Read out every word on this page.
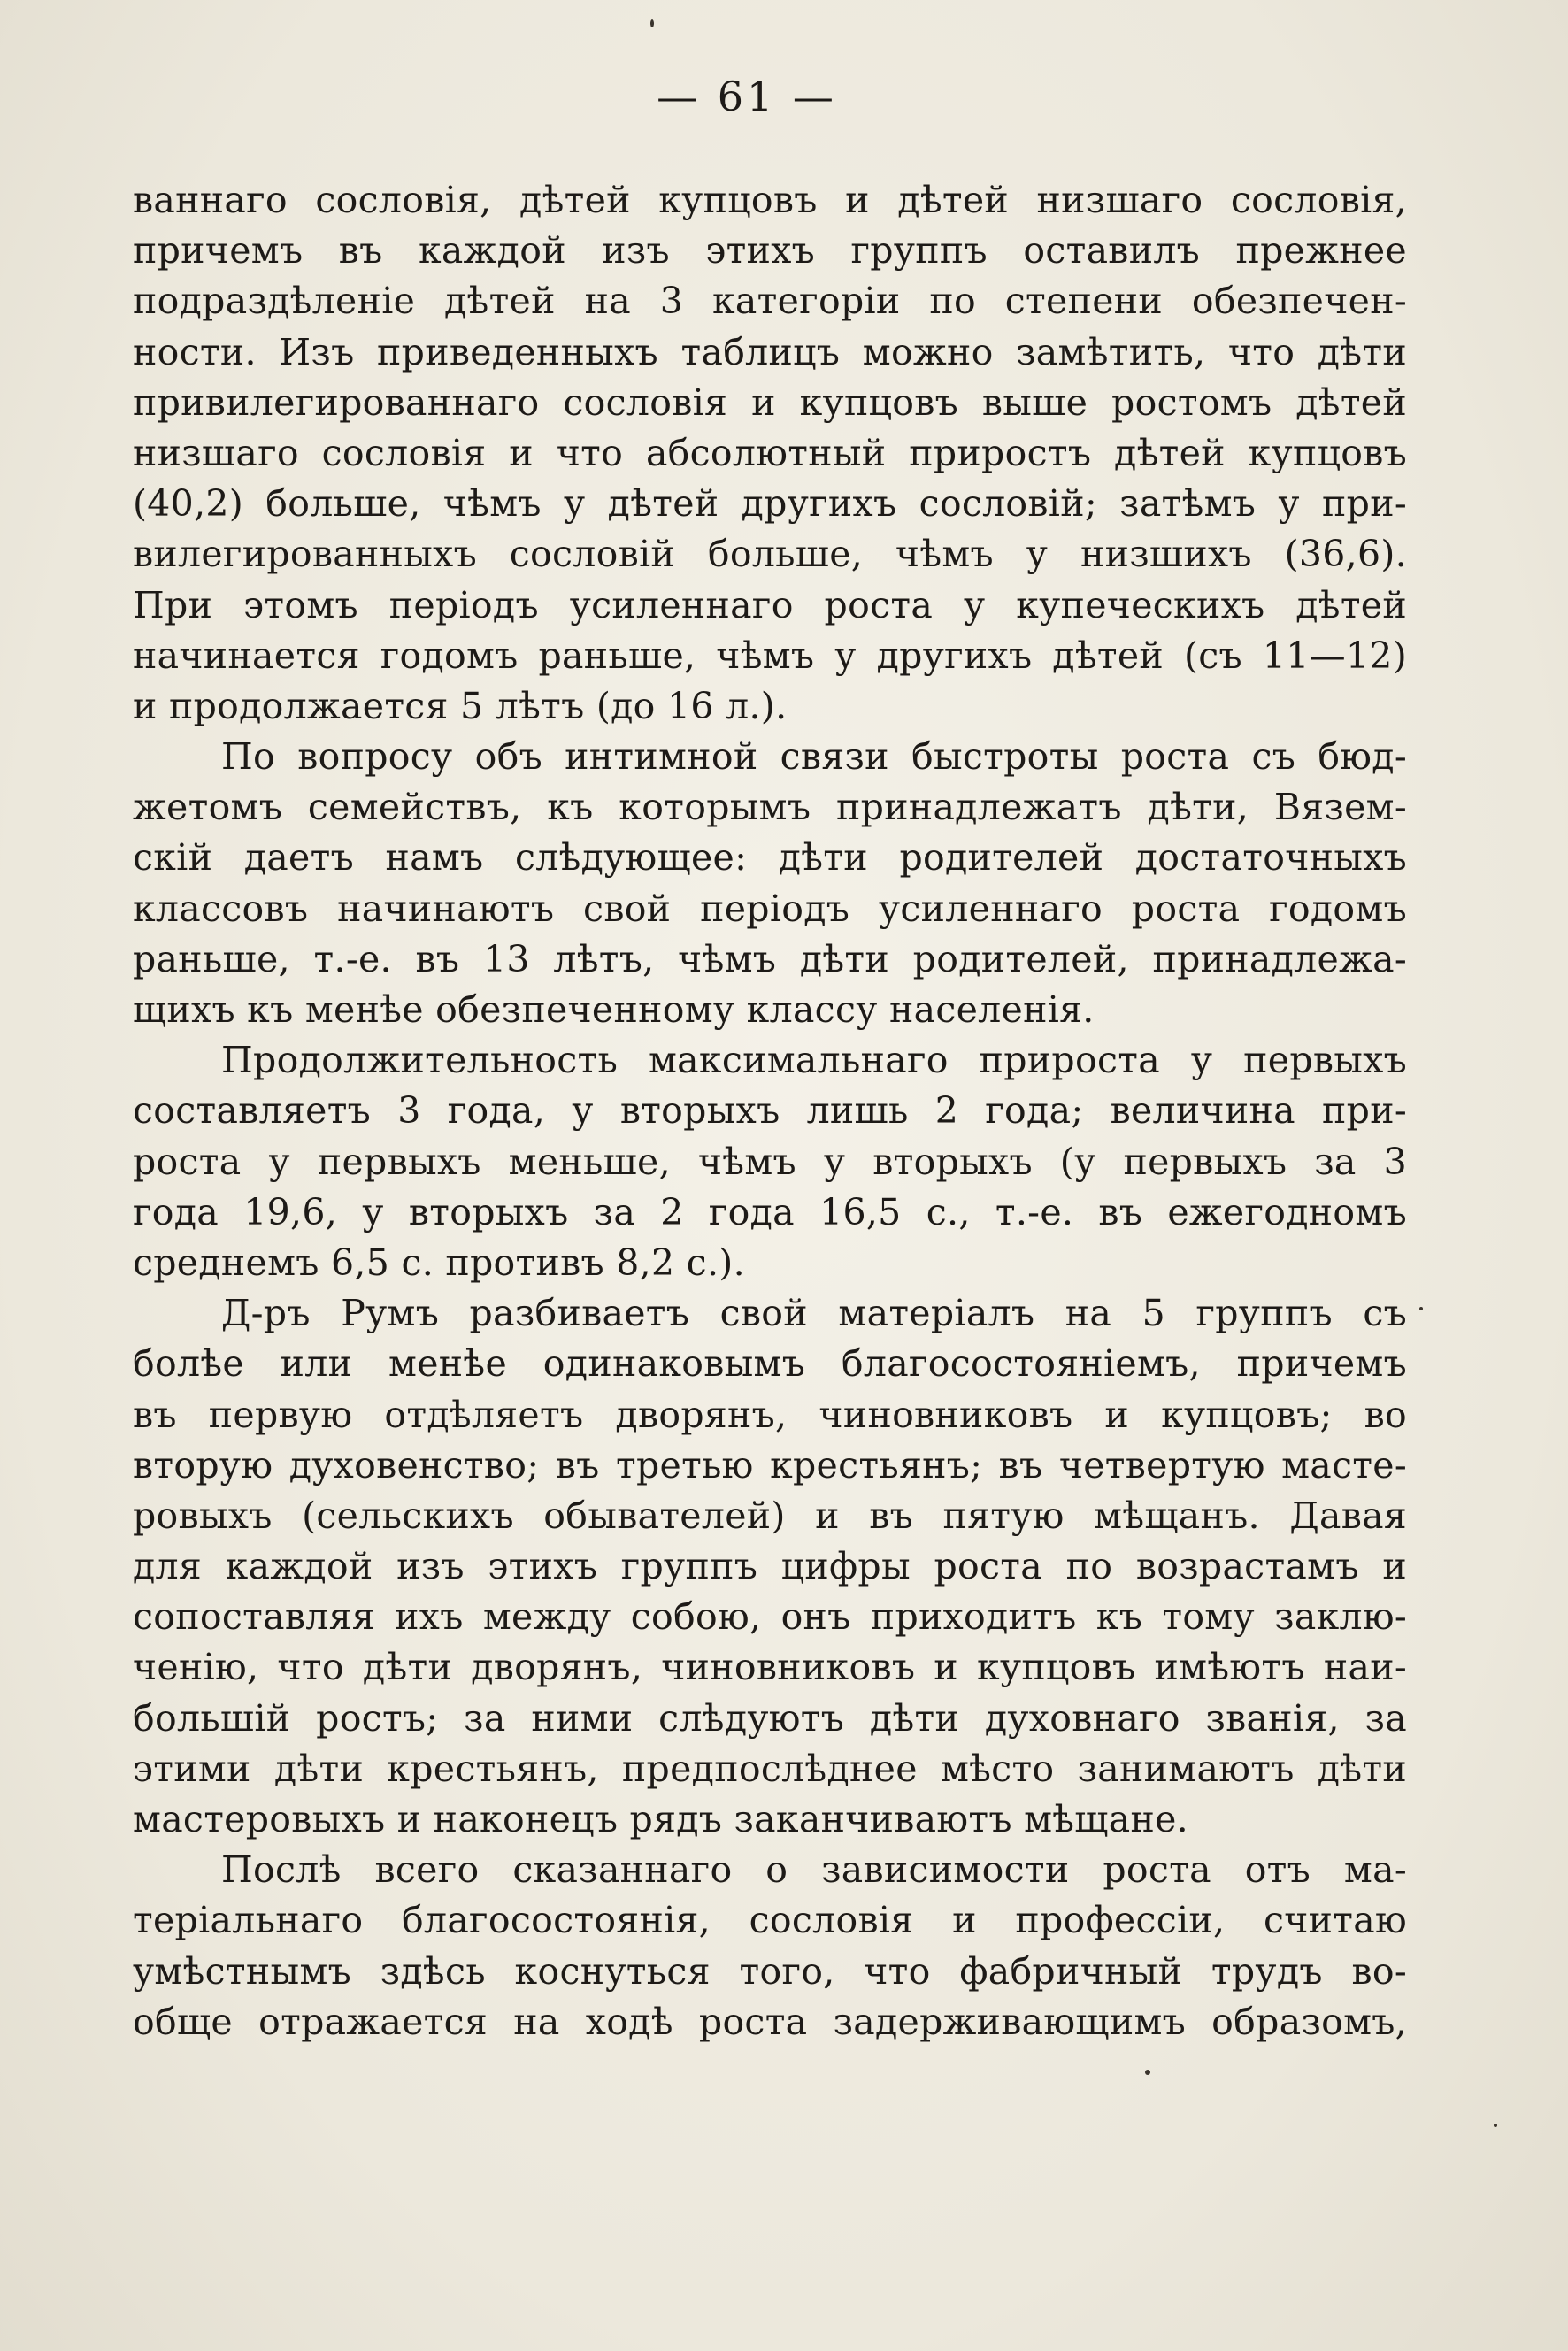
— 61 —
ваннаго сословія, дѣтей купцовъ и дѣтей низшаго сословія,
причемъ въ каждой изъ этихъ группъ оставилъ прежнее
подраздѣленіе дѣтей на 3 категоріи по степени обезпечен-
ности. Изъ приведенныхъ таблицъ можно замѣтить, что дѣти
привилегированнаго сословія и купцовъ выше ростомъ дѣтей
низшаго сословія и что абсолютный приростъ дѣтей купцовъ
(40,2) больше, чѣмъ у дѣтей другихъ сословій; затѣмъ у при-
вилегированныхъ сословій больше, чѣмъ у низшихъ (36,6).
При этомъ періодъ усиленнаго роста у купеческихъ дѣтей
начинается годомъ раньше, чѣмъ у другихъ дѣтей (съ 11—12)
и продолжается 5 лѣтъ (до 16 л.).
По вопросу объ интимной связи быстроты роста съ бюд-
жетомъ семействъ, къ которымъ принадлежатъ дѣти, Вязем-
скій даетъ намъ слѣдующее: дѣти родителей достаточныхъ
классовъ начинаютъ свой періодъ усиленнаго роста годомъ
раньше, т.-е. въ 13 лѣтъ, чѣмъ дѣти родителей, принадлежа-
щихъ къ менѣе обезпеченному классу населенія.
Продолжительность максимальнаго прироста у первыхъ
составляетъ 3 года, у вторыхъ лишь 2 года; величина при-
роста у первыхъ меньше, чѣмъ у вторыхъ (у первыхъ за 3
года 19,6, у вторыхъ за 2 года 16,5 с., т.-е. въ ежегодномъ
среднемъ 6,5 с. противъ 8,2 с.).
Д-ръ Румъ разбиваетъ свой матеріалъ на 5 группъ съ
болѣе или менѣе одинаковымъ благосостояніемъ, причемъ
въ первую отдѣляетъ дворянъ, чиновниковъ и купцовъ; во
вторую духовенство; въ третью крестьянъ; въ четвертую масте-
ровыхъ (сельскихъ обывателей) и въ пятую мѣщанъ. Давая
для каждой изъ этихъ группъ цифры роста по возрастамъ и
сопоставляя ихъ между собою, онъ приходитъ къ тому заклю-
ченію, что дѣти дворянъ, чиновниковъ и купцовъ имѣютъ наи-
большій ростъ; за ними слѣдуютъ дѣти духовнаго званія, за
этими дѣти крестьянъ, предпослѣднее мѣсто занимаютъ дѣти
мастеровыхъ и наконецъ рядъ заканчиваютъ мѣщане.
Послѣ всего сказаннаго о зависимости роста отъ ма-
теріальнаго благосостоянія, сословія и профессіи, считаю
умѣстнымъ здѣсь коснуться того, что фабричный трудъ во-
обще отражается на ходѣ роста задерживающимъ образомъ,
